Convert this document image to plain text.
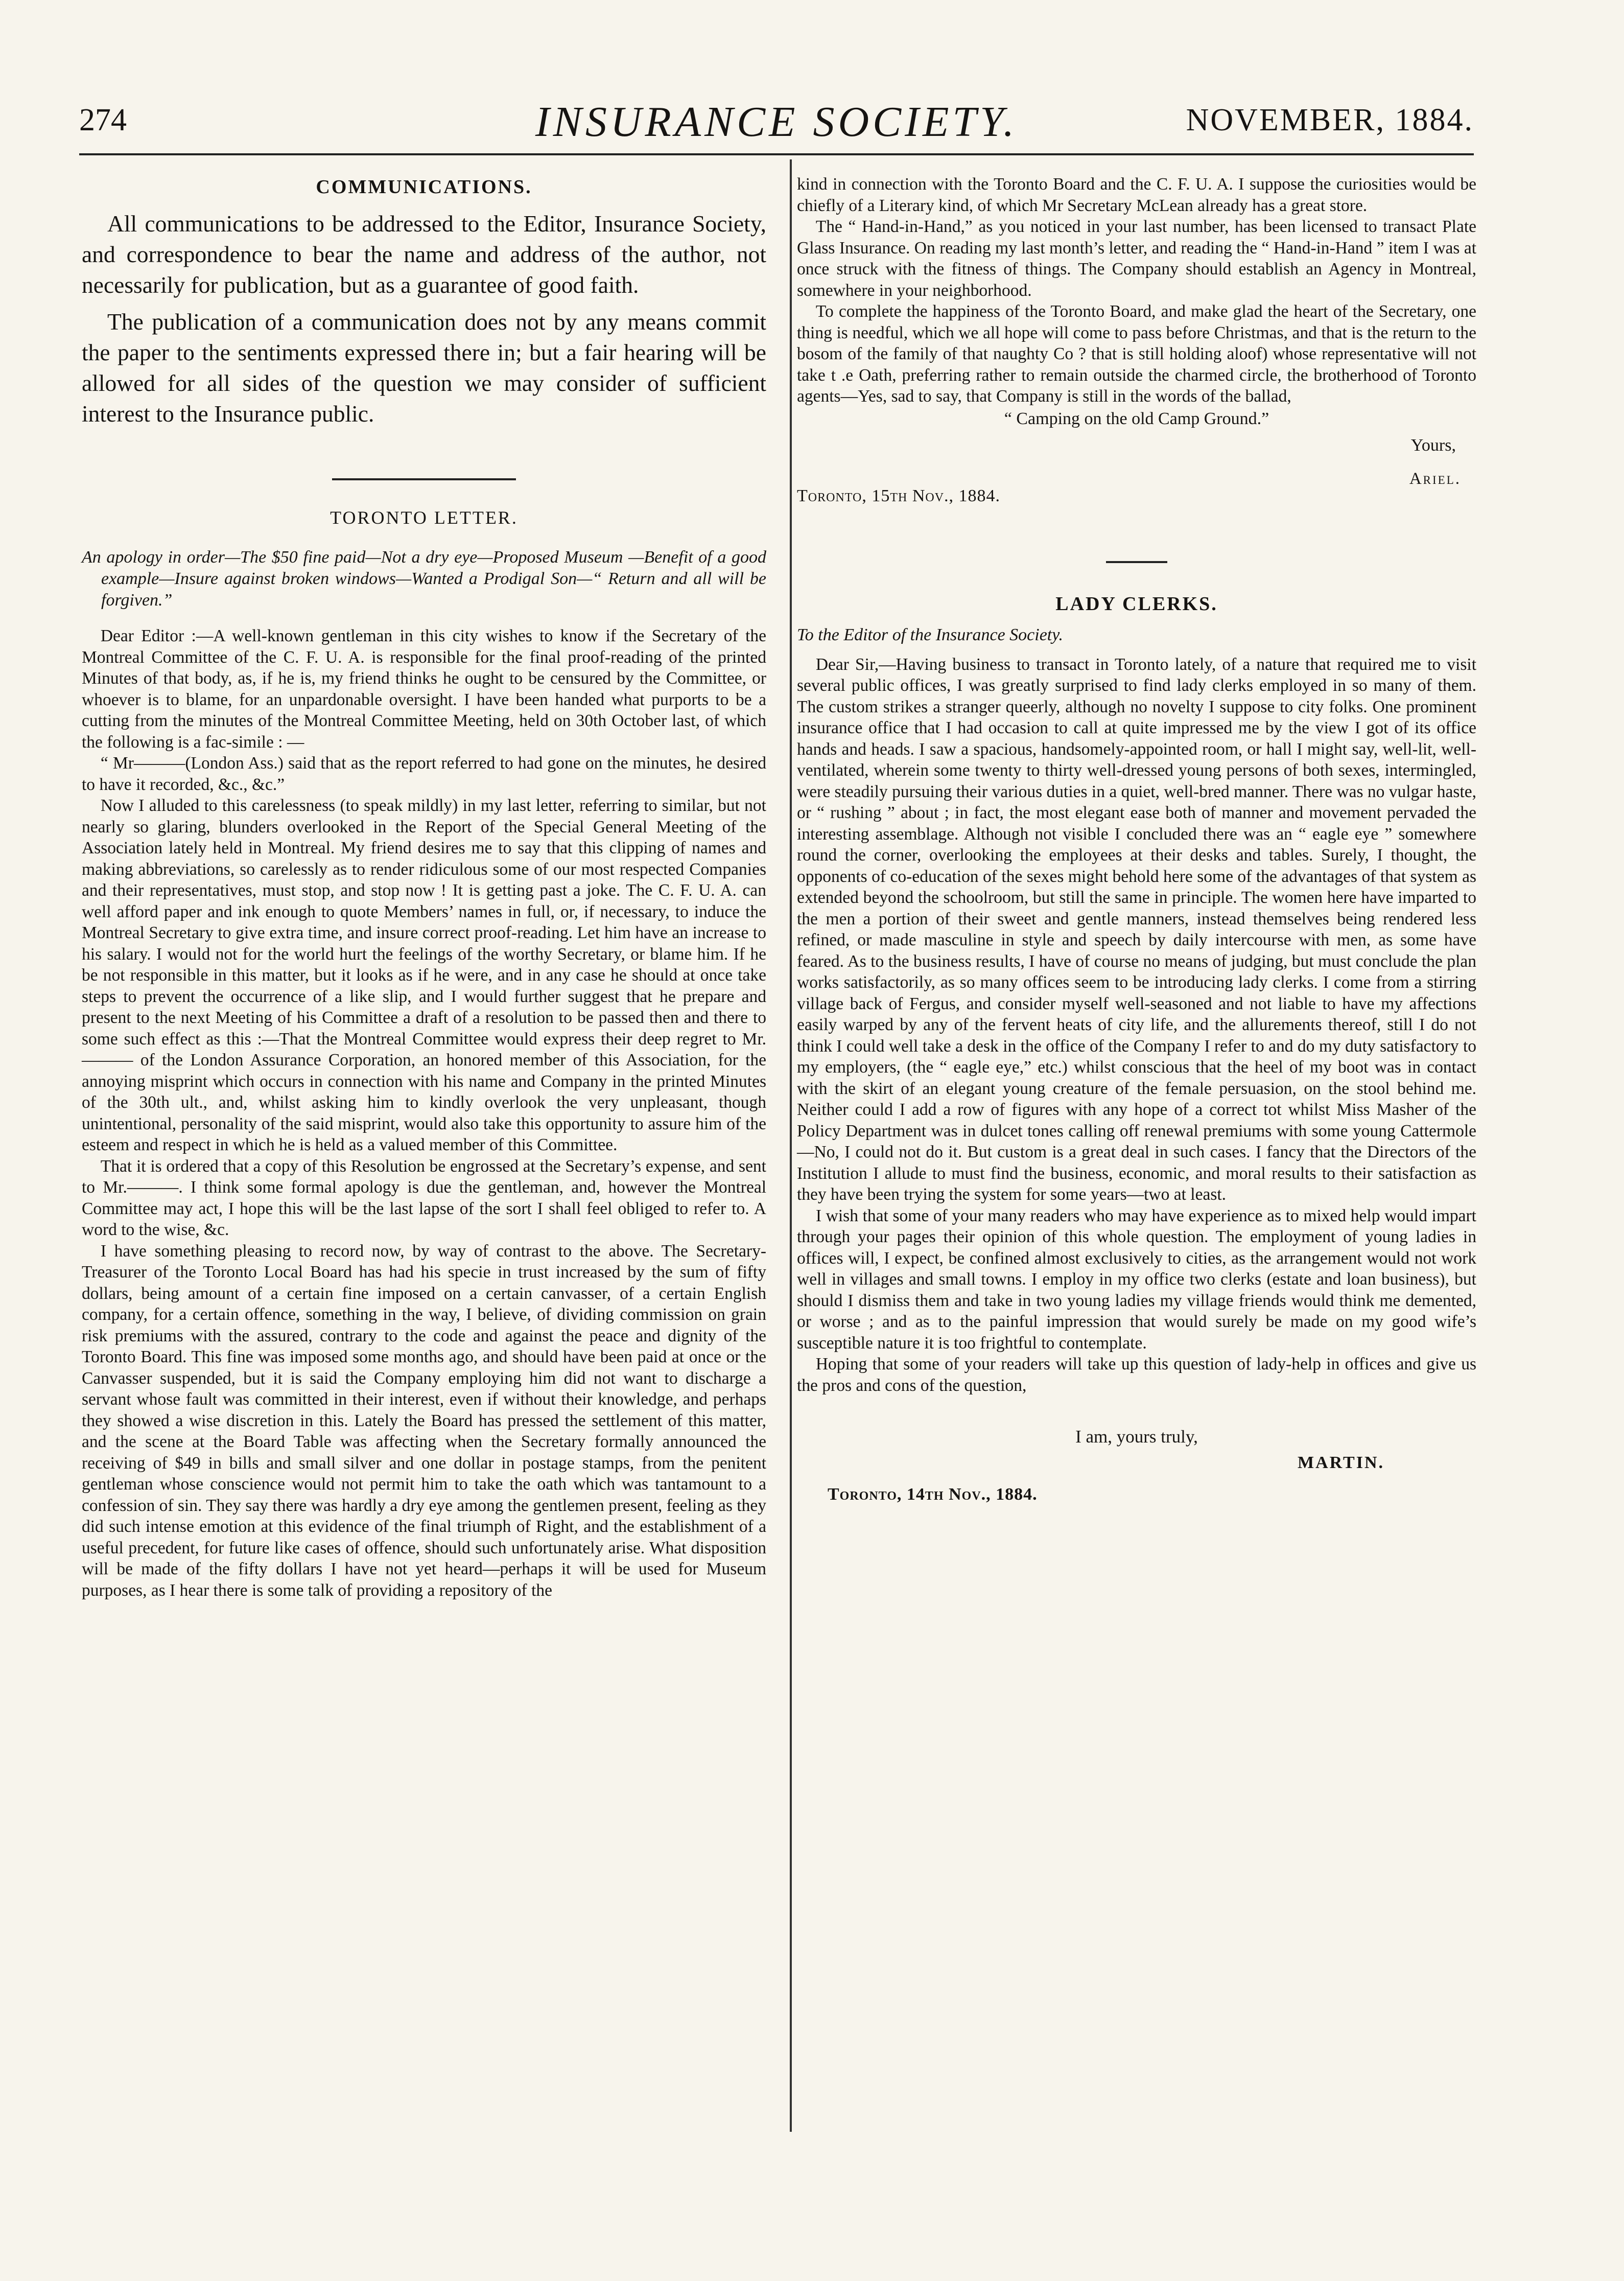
274	INSURANCE SOCIETY.	NOVEMBER, 1884.
COMMUNICATIONS.

All communications to be addressed to the Editor, Insurance Society, and correspondence to bear the name and address of the author, not necessarily for publication, but as a guarantee of good faith.

The publication of a communication does not by any means commit the paper to the sentiments expressed there in; but a fair hearing will be allowed for all sides of the question we may consider of sufficient interest to the Insurance public.

TORONTO LETTER.

An apology in order—The $50 fine paid—Not a dry eye—Proposed Museum —Benefit of a good example—Insure against broken windows—Wanted a Prodigal Son—“ Return and all will be forgiven.”

Dear Editor :—A well-known gentleman in this city wishes to know if the Secretary of the Montreal Committee of the C. F. U. A. is responsible for the final proof-reading of the printed Minutes of that body, as, if he is, my friend thinks he ought to be censured by the Committee, or whoever is to blame, for an unpardonable oversight. I have been handed what purports to be a cutting from the minutes of the Montreal Committee Meeting, held on 30th October last, of which the following is a fac-simile : —

“ Mr———(London Ass.) said that as the report referred to had gone on the minutes, he desired to have it recorded, &c., &c.”

Now I alluded to this carelessness (to speak mildly) in my last letter, referring to similar, but not nearly so glaring, blunders overlooked in the Report of the Special General Meeting of the Association lately held in Montreal. My friend desires me to say that this clipping of names and making abbreviations, so carelessly as to render ridiculous some of our most respected Companies and their representatives, must stop, and stop now ! It is getting past a joke. The C. F. U. A. can well afford paper and ink enough to quote Members’ names in full, or, if necessary, to induce the Montreal Secretary to give extra time, and insure correct proof-reading. Let him have an increase to his salary. I would not for the world hurt the feelings of the worthy Secretary, or blame him. If he be not responsible in this matter, but it looks as if he were, and in any case he should at once take steps to prevent the occurrence of a like slip, and I would further suggest that he prepare and present to the next Meeting of his Committee a draft of a resolution to be passed then and there to some such effect as this :—That the Montreal Committee would express their deep regret to Mr.——— of the London Assurance Corporation, an honored member of this Association, for the annoying misprint which occurs in connection with his name and Company in the printed Minutes of the 30th ult., and, whilst asking him to kindly overlook the very unpleasant, though unintentional, personality of the said misprint, would also take this opportunity to assure him of the esteem and respect in which he is held as a valued member of this Committee.

That it is ordered that a copy of this Resolution be engrossed at the Secretary’s expense, and sent to Mr.———. I think some formal apology is due the gentleman, and, however the Montreal Committee may act, I hope this will be the last lapse of the sort I shall feel obliged to refer to. A word to the wise, &c.

I have something pleasing to record now, by way of contrast to the above. The Secretary-Treasurer of the Toronto Local Board has had his specie in trust increased by the sum of fifty dollars, being amount of a certain fine imposed on a certain canvasser, of a certain English company, for a certain offence, something in the way, I believe, of dividing commission on grain risk premiums with the assured, contrary to the code and against the peace and dignity of the Toronto Board. This fine was imposed some months ago, and should have been paid at once or the Canvasser suspended, but it is said the Company employing him did not want to discharge a servant whose fault was committed in their interest, even if without their knowledge, and perhaps they showed a wise discretion in this. Lately the Board has pressed the settlement of this matter, and the scene at the Board Table was affecting when the Secretary formally announced the receiving of $49 in bills and small silver and one dollar in postage stamps, from the penitent gentleman whose conscience would not permit him to take the oath which was tantamount to a confession of sin. They say there was hardly a dry eye among the gentlemen present, feeling as they did such intense emotion at this evidence of the final triumph of Right, and the establishment of a useful precedent, for future like cases of offence, should such unfortunately arise. What disposition will be made of the fifty dollars I have not yet heard—perhaps it will be used for Museum purposes, as I hear there is some talk of providing a repository of the

kind in connection with the Toronto Board and the C. F. U. A. I suppose the curiosities would be chiefly of a Literary kind, of which Mr Secretary McLean already has a great store.

The “ Hand-in-Hand,” as you noticed in your last number, has been licensed to transact Plate Glass Insurance. On reading my last month’s letter, and reading the “ Hand-in-Hand ” item I was at once struck with the fitness of things. The Company should establish an Agency in Montreal, somewhere in your neighborhood.

To complete the happiness of the Toronto Board, and make glad the heart of the Secretary, one thing is needful, which we all hope will come to pass before Christmas, and that is the return to the bosom of the family of that naughty Co ? that is still holding aloof) whose representative will not take t .e Oath, preferring rather to remain outside the charmed circle, the brotherhood of Toronto agents—Yes, sad to say, that Company is still in the words of the ballad,

“ Camping on the old Camp Ground.”
Yours,
Ariel.
Toronto, 15th Nov., 1884.
LADY CLERKS.
To the Editor of the Insurance Society.

Dear Sir,—Having business to transact in Toronto lately, of a nature that required me to visit several public offices, I was greatly surprised to find lady clerks employed in so many of them. The custom strikes a stranger queerly, although no novelty I suppose to city folks. One prominent insurance office that I had occasion to call at quite impressed me by the view I got of its office hands and heads. I saw a spacious, handsomely-appointed room, or hall I might say, well-lit, well-ventilated, wherein some twenty to thirty well-dressed young persons of both sexes, intermingled, were steadily pursuing their various duties in a quiet, well-bred manner. There was no vulgar haste, or “ rushing ” about ; in fact, the most elegant ease both of manner and movement pervaded the interesting assemblage. Although not visible I concluded there was an “ eagle eye ” somewhere round the corner, overlooking the employees at their desks and tables. Surely, I thought, the opponents of co-education of the sexes might behold here some of the advantages of that system as extended beyond the schoolroom, but still the same in principle. The women here have imparted to the men a portion of their sweet and gentle manners, instead themselves being rendered less refined, or made masculine in style and speech by daily intercourse with men, as some have feared. As to the business results, I have of course no means of judging, but must conclude the plan works satisfactorily, as so many offices seem to be introducing lady clerks. I come from a stirring village back of Fergus, and consider myself well-seasoned and not liable to have my affections easily warped by any of the fervent heats of city life, and the allurements thereof, still I do not think I could well take a desk in the office of the Company I refer to and do my duty satisfactory to my employers, (the “ eagle eye,” etc.) whilst conscious that the heel of my boot was in contact with the skirt of an elegant young creature of the female persuasion, on the stool behind me. Neither could I add a row of figures with any hope of a correct tot whilst Miss Masher of the Policy Department was in dulcet tones calling off renewal premiums with some young Cattermole—No, I could not do it. But custom is a great deal in such cases. I fancy that the Directors of the Institution I allude to must find the business, economic, and moral results to their satisfaction as they have been trying the system for some years—two at least.

I wish that some of your many readers who may have experience as to mixed help would impart through your pages their opinion of this whole question. The employment of young ladies in offices will, I expect, be confined almost exclusively to cities, as the arrangement would not work well in villages and small towns. I employ in my office two clerks (estate and loan business), but should I dismiss them and take in two young ladies my village friends would think me demented, or worse ; and as to the painful impression that would surely be made on my good wife’s susceptible nature it is too frightful to contemplate.

Hoping that some of your readers will take up this question of lady-help in offices and give us the pros and cons of the question,

I am, yours truly,
MARTIN.
Toronto, 14th Nov., 1884.
